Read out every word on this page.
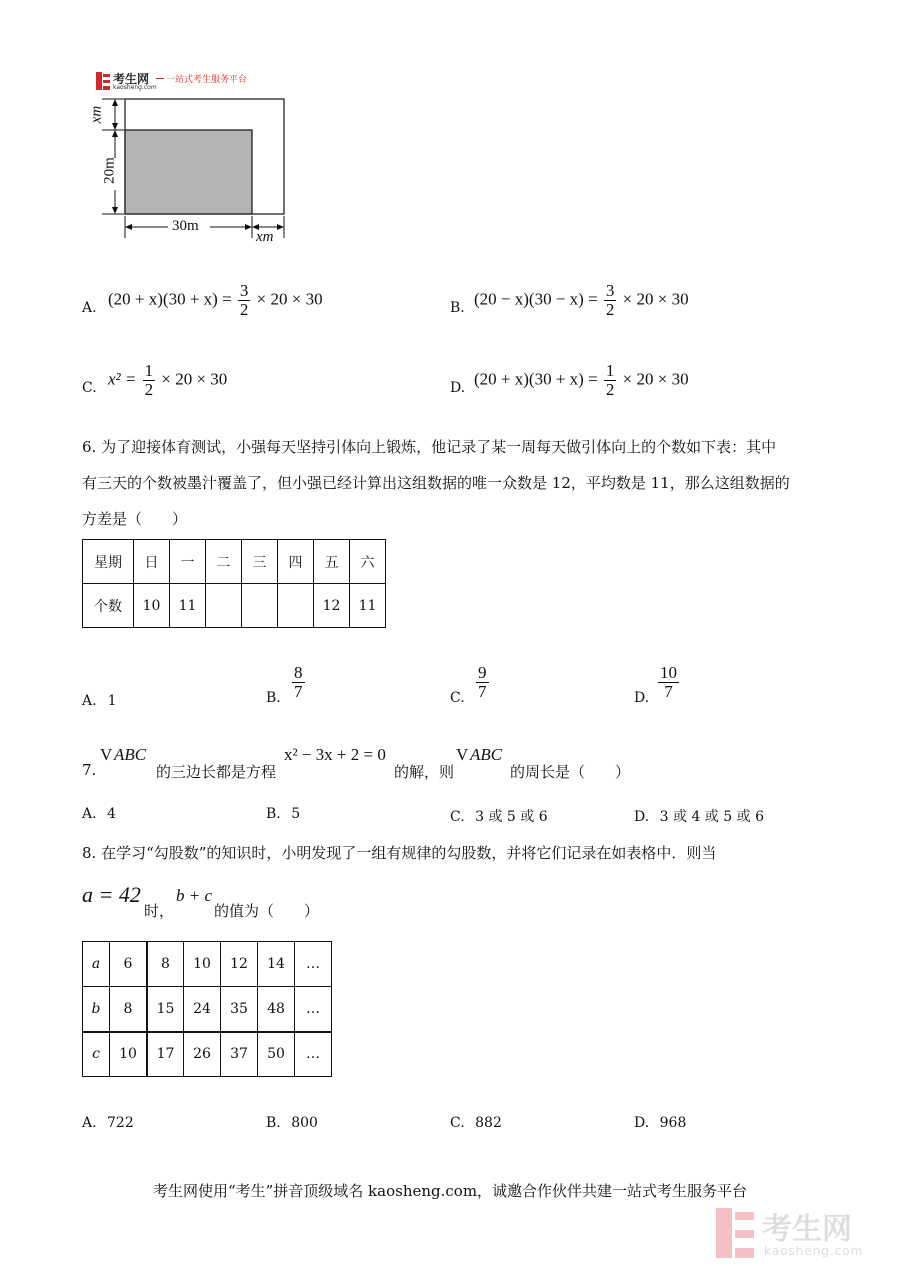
考生网
kaosheng.com
一站式考生服务平台
xm
20m
30m
xm
A. $(20 + x)(30 + x) = \frac{3}{2} \times 20 \times 30$	B. $(20 - x)(30 - x) = \frac{3}{2} \times 20 \times 30$
C. $x^2 = \frac{1}{2} \times 20 \times 30$	D. $(20 + x)(30 + x) = \frac{1}{2} \times 20 \times 30$
6. 为了迎接体育测试，小强每天坚持引体向上锻炼，他记录了某一周每天做引体向上的个数如下表：其中
有三天的个数被墨汁覆盖了，但小强已经计算出这组数据的唯一众数是 12，平均数是 11，那么这组数据的
方差是（　　）
星期	日	一	二	三	四	五	六
个数	10	11				12	11
A. 1	B. $\frac{8}{7}$	C. $\frac{9}{7}$	D. $\frac{10}{7}$
7.
V ABC
的三边长都是方程
x² − 3x + 2 = 0
的解，则
V ABC
的周长是（　　）
A. 4	B. 5	C. 3 或 5 或 6	D. 3 或 4 或 5 或 6
8. 在学习“勾股数”的知识时，小明发现了一组有规律的勾股数，并将它们记录在如表格中．则当
a = 42
时，
b + c
的值为（　　）
a	6	8	10	12	14	…
b	8	15	24	35	48	…
c	10	17	26	37	50	…
A. 722	B. 800	C. 882	D. 968
考生网使用“考生”拼音顶级域名 kaosheng.com，诚邀合作伙伴共建一站式考生服务平台
考生网
kaosheng.com
